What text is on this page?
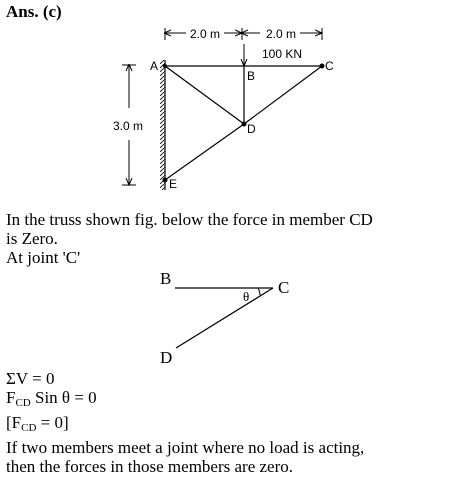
Ans. (c)
2.0 m	2.0 m
100 KN
3.0 m
A
B
C
D
E

In the truss shown fig. below the force in member CD
is Zero.
At joint 'C'

B	C
D
θ

ΣV = 0
$F_{CD}$ Sin θ = 0
$[F_{CD} = 0]$
If two members meet a joint where no load is acting,
then the forces in those members are zero.
